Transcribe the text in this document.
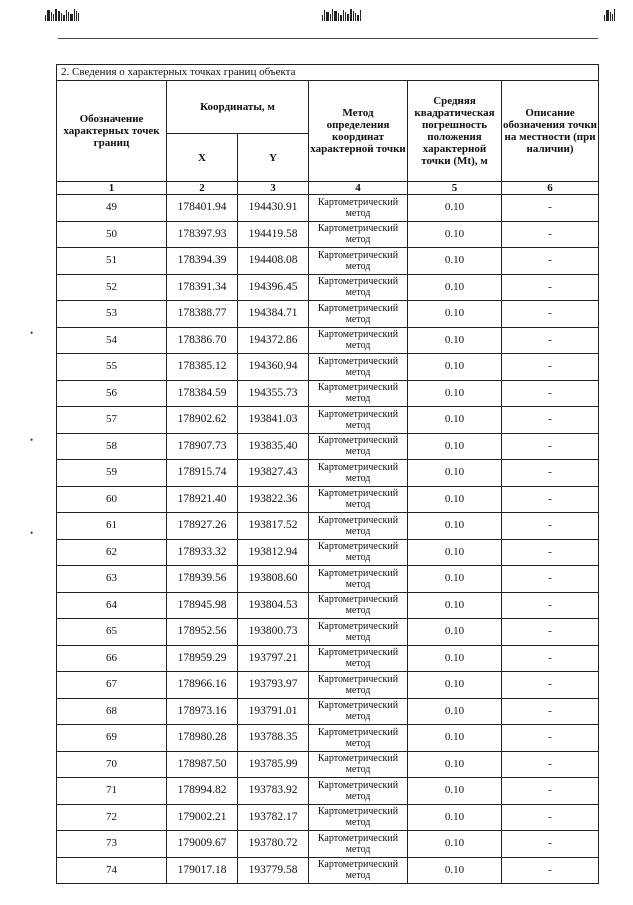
•
•
•
2. Сведения о характерных точках границ объекта					
Обозначение характерных точек границ	Координаты, м		Метод определения координат характерной точки	Средняя квадратическая погрешность положения характерной точки (Mt), м	Описание обозначения точки на местности (при наличии)
	X	Y			
1	2	3	4	5	6
49	178401.94	194430.91	Картометрический метод	0.10	-
50	178397.93	194419.58	Картометрический метод	0.10	-
51	178394.39	194408.08	Картометрический метод	0.10	-
52	178391.34	194396.45	Картометрический метод	0.10	-
53	178388.77	194384.71	Картометрический метод	0.10	-
54	178386.70	194372.86	Картометрический метод	0.10	-
55	178385.12	194360.94	Картометрический метод	0.10	-
56	178384.59	194355.73	Картометрический метод	0.10	-
57	178902.62	193841.03	Картометрический метод	0.10	-
58	178907.73	193835.40	Картометрический метод	0.10	-
59	178915.74	193827.43	Картометрический метод	0.10	-
60	178921.40	193822.36	Картометрический метод	0.10	-
61	178927.26	193817.52	Картометрический метод	0.10	-
62	178933.32	193812.94	Картометрический метод	0.10	-
63	178939.56	193808.60	Картометрический метод	0.10	-
64	178945.98	193804.53	Картометрический метод	0.10	-
65	178952.56	193800.73	Картометрический метод	0.10	-
66	178959.29	193797.21	Картометрический метод	0.10	-
67	178966.16	193793.97	Картометрический метод	0.10	-
68	178973.16	193791.01	Картометрический метод	0.10	-
69	178980.28	193788.35	Картометрический метод	0.10	-
70	178987.50	193785.99	Картометрический метод	0.10	-
71	178994.82	193783.92	Картометрический метод	0.10	-
72	179002.21	193782.17	Картометрический метод	0.10	-
73	179009.67	193780.72	Картометрический метод	0.10	-
74	179017.18	193779.58	Картометрический метод	0.10	-
